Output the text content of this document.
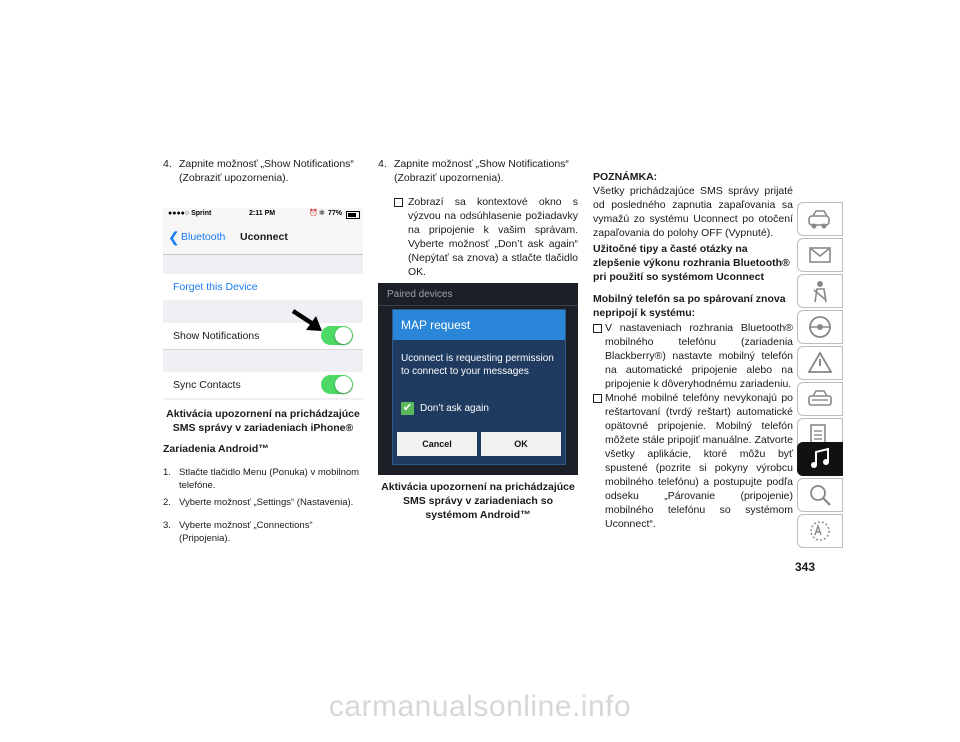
4. Zapnite možnosť „Show Notifications“ (Zobraziť upozornenia).
●●●●○ Sprint	2:11 PM	⏰ ✱ 77%
❮ Bluetooth Uconnect
Forget this Device
Show Notifications
Sync Contacts
Aktivácia upozornení na prichádzajúce SMS správy v zariadeniach iPhone®
Zariadenia Android™
1. Stlačte tlačidlo Menu (Ponuka) v mobilnom telefóne.
2. Vyberte možnosť „Settings“ (Nastavenia).
3. Vyberte možnosť „Connections“ (Pripojenia).
4. Zapnite možnosť „Show Notifications“ (Zobraziť upozornenia).
Zobrazí sa kontextové okno s výzvou na odsúhlasenie požiadavky na pripojenie k vašim správam. Vyberte možnosť „Don’t ask again“ (Nepýtať sa znova) a stlačte tlačidlo OK.
Paired devices
MAP request
Uconnect is requesting permission to connect to your messages
✔ Don’t ask again
Cancel	OK
Aktivácia upozornení na prichádzajúce SMS správy v zariadeniach so systémom Android™
POZNÁMKA:
Všetky prichádzajúce SMS správy prijaté od posledného zapnutia zapaľovania sa vymažú zo systému Uconnect po otočení zapaľovania do polohy OFF (Vypnuté).
Užitočné tipy a časté otázky na zlepšenie výkonu rozhrania Bluetooth® pri použití so systémom Uconnect
Mobilný telefón sa po spárovaní znova nepripojí k systému:
V nastaveniach rozhrania Bluetooth® mobilného telefónu (zariadenia Blackberry®) nastavte mobilný telefón na automatické pripojenie alebo na pripojenie k dôveryhodnému zariadeniu.
Mnohé mobilné telefóny nevykonajú po reštartovaní (tvrdý reštart) automatické opätovné pripojenie. Mobilný telefón môžete stále pripojiť manuálne. Zatvorte všetky aplikácie, ktoré môžu byť spustené (pozrite si pokyny výrobcu mobilného telefónu) a postupujte podľa odseku „Párovanie (pripojenie) mobilného telefónu so systémom Uconnect“.
343
carmanualsonline.info
